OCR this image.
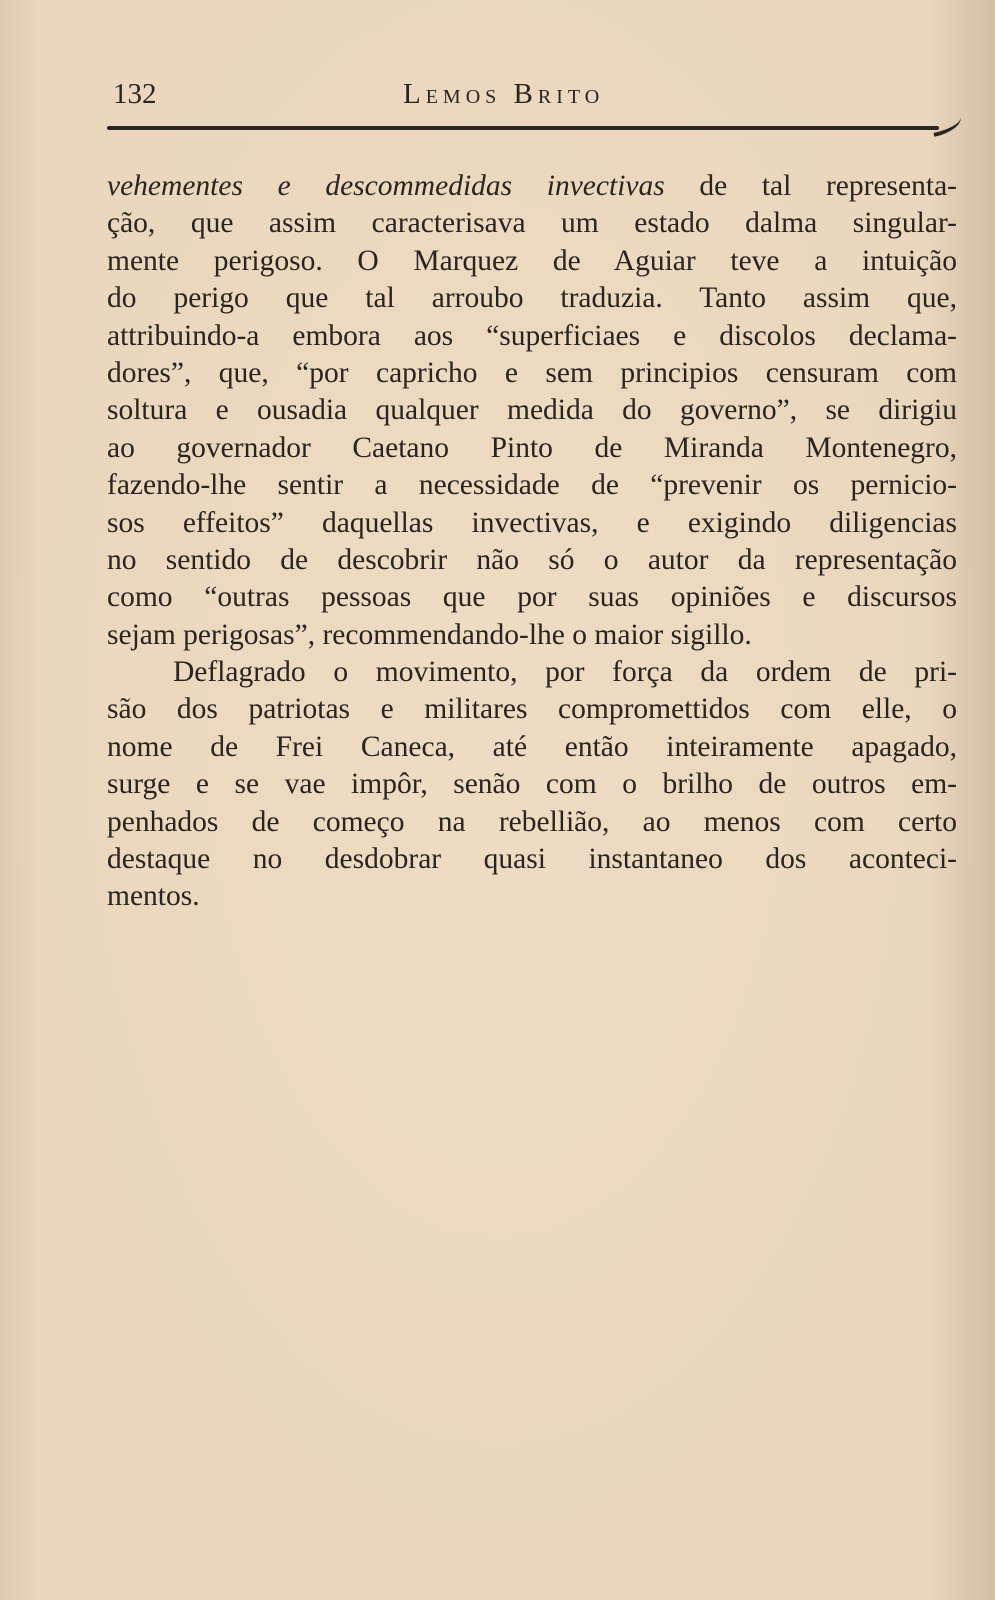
132	Lemos Brito
vehementes e descommedidas invectivas de tal representa-
ção, que assim caracterisava um estado dalma singular-
mente perigoso. O Marquez de Aguiar teve a intuição
do perigo que tal arroubo traduzia. Tanto assim que,
attribuindo-a embora aos “superficiaes e discolos declama-
dores”, que, “por capricho e sem principios censuram com
soltura e ousadia qualquer medida do governo”, se dirigiu
ao governador Caetano Pinto de Miranda Montenegro,
fazendo-lhe sentir a necessidade de “prevenir os pernicio-
sos effeitos” daquellas invectivas, e exigindo diligencias
no sentido de descobrir não só o autor da representação
como “outras pessoas que por suas opiniões e discursos
sejam perigosas”, recommendando-lhe o maior sigillo.
Deflagrado o movimento, por força da ordem de pri-
são dos patriotas e militares compromettidos com elle, o
nome de Frei Caneca, até então inteiramente apagado,
surge e se vae impôr, senão com o brilho de outros em-
penhados de começo na rebellião, ao menos com certo
destaque no desdobrar quasi instantaneo dos aconteci-
mentos.
